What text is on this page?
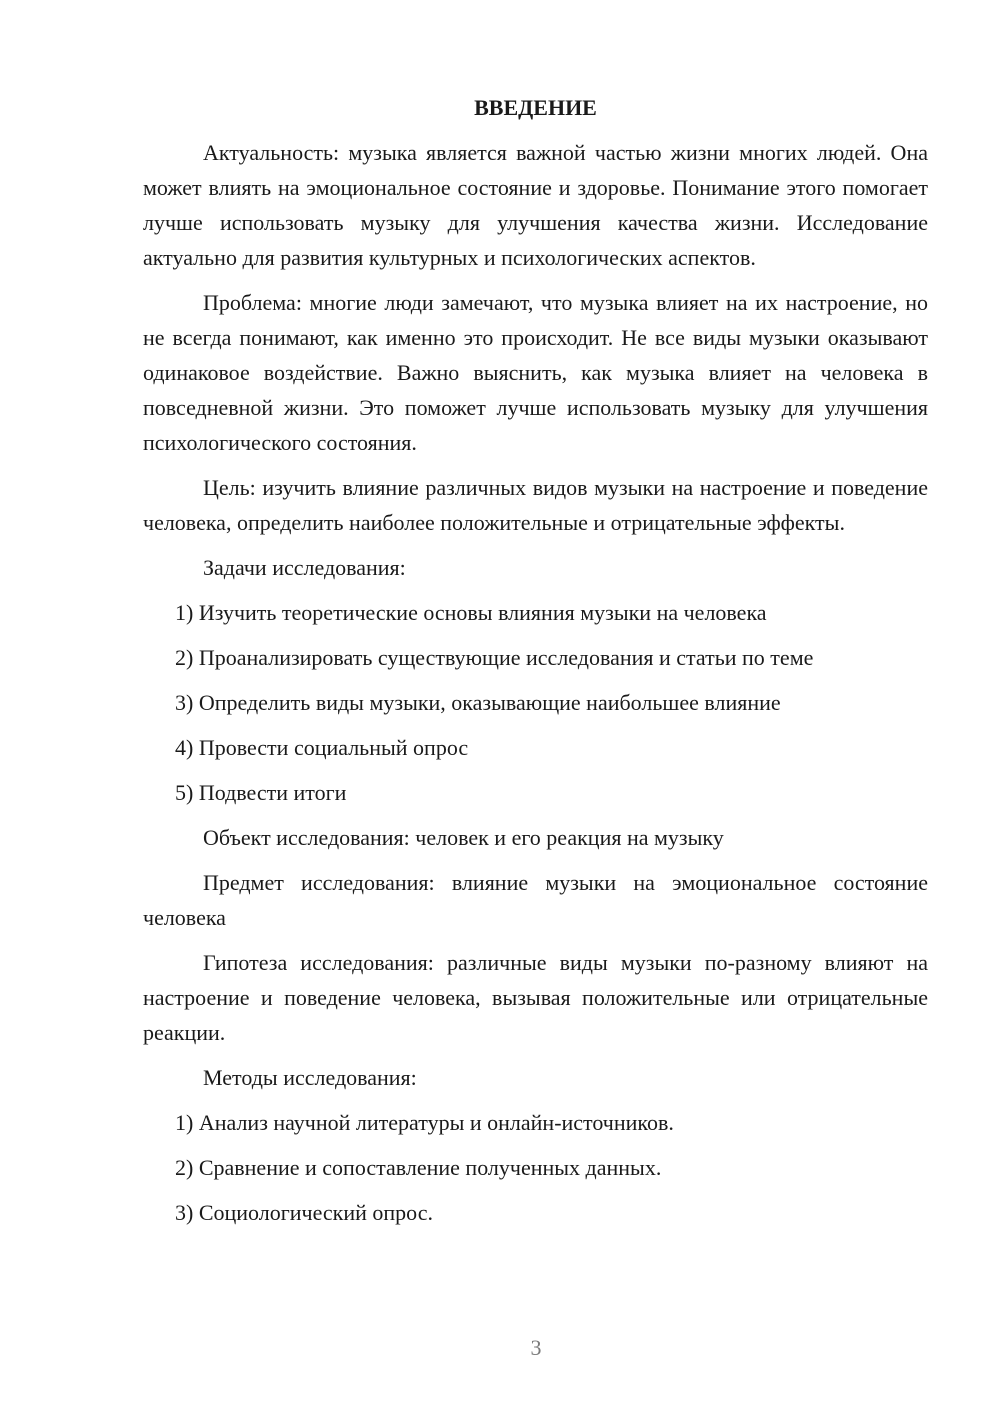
ВВЕДЕНИЕ

Актуальность: музыка является важной частью жизни многих людей. Она может влиять на эмоциональное состояние и здоровье. Понимание этого помогает лучше использовать музыку для улучшения качества жизни. Исследование актуально для развития культурных и психологических аспектов.

Проблема: многие люди замечают, что музыка влияет на их настроение, но не всегда понимают, как именно это происходит. Не все виды музыки оказывают одинаковое воздействие. Важно выяснить, как музыка влияет на человека в повседневной жизни. Это поможет лучше использовать музыку для улучшения психологического состояния.

Цель: изучить влияние различных видов музыки на настроение и поведение человека, определить наиболее положительные и отрицательные эффекты.

Задачи исследования:
1) Изучить теоретические основы влияния музыки на человека
2) Проанализировать существующие исследования и статьи по теме
3) Определить виды музыки, оказывающие наибольшее влияние
4) Провести социальный опрос
5) Подвести итоги
Объект исследования: человек и его реакция на музыку

Предмет исследования: влияние музыки на эмоциональное состояние человека

Гипотеза исследования: различные виды музыки по-разному влияют на настроение и поведение человека, вызывая положительные или отрицательные реакции.

Методы исследования:
1) Анализ научной литературы и онлайн-источников.
2) Сравнение и сопоставление полученных данных.
3) Социологический опрос.
3
